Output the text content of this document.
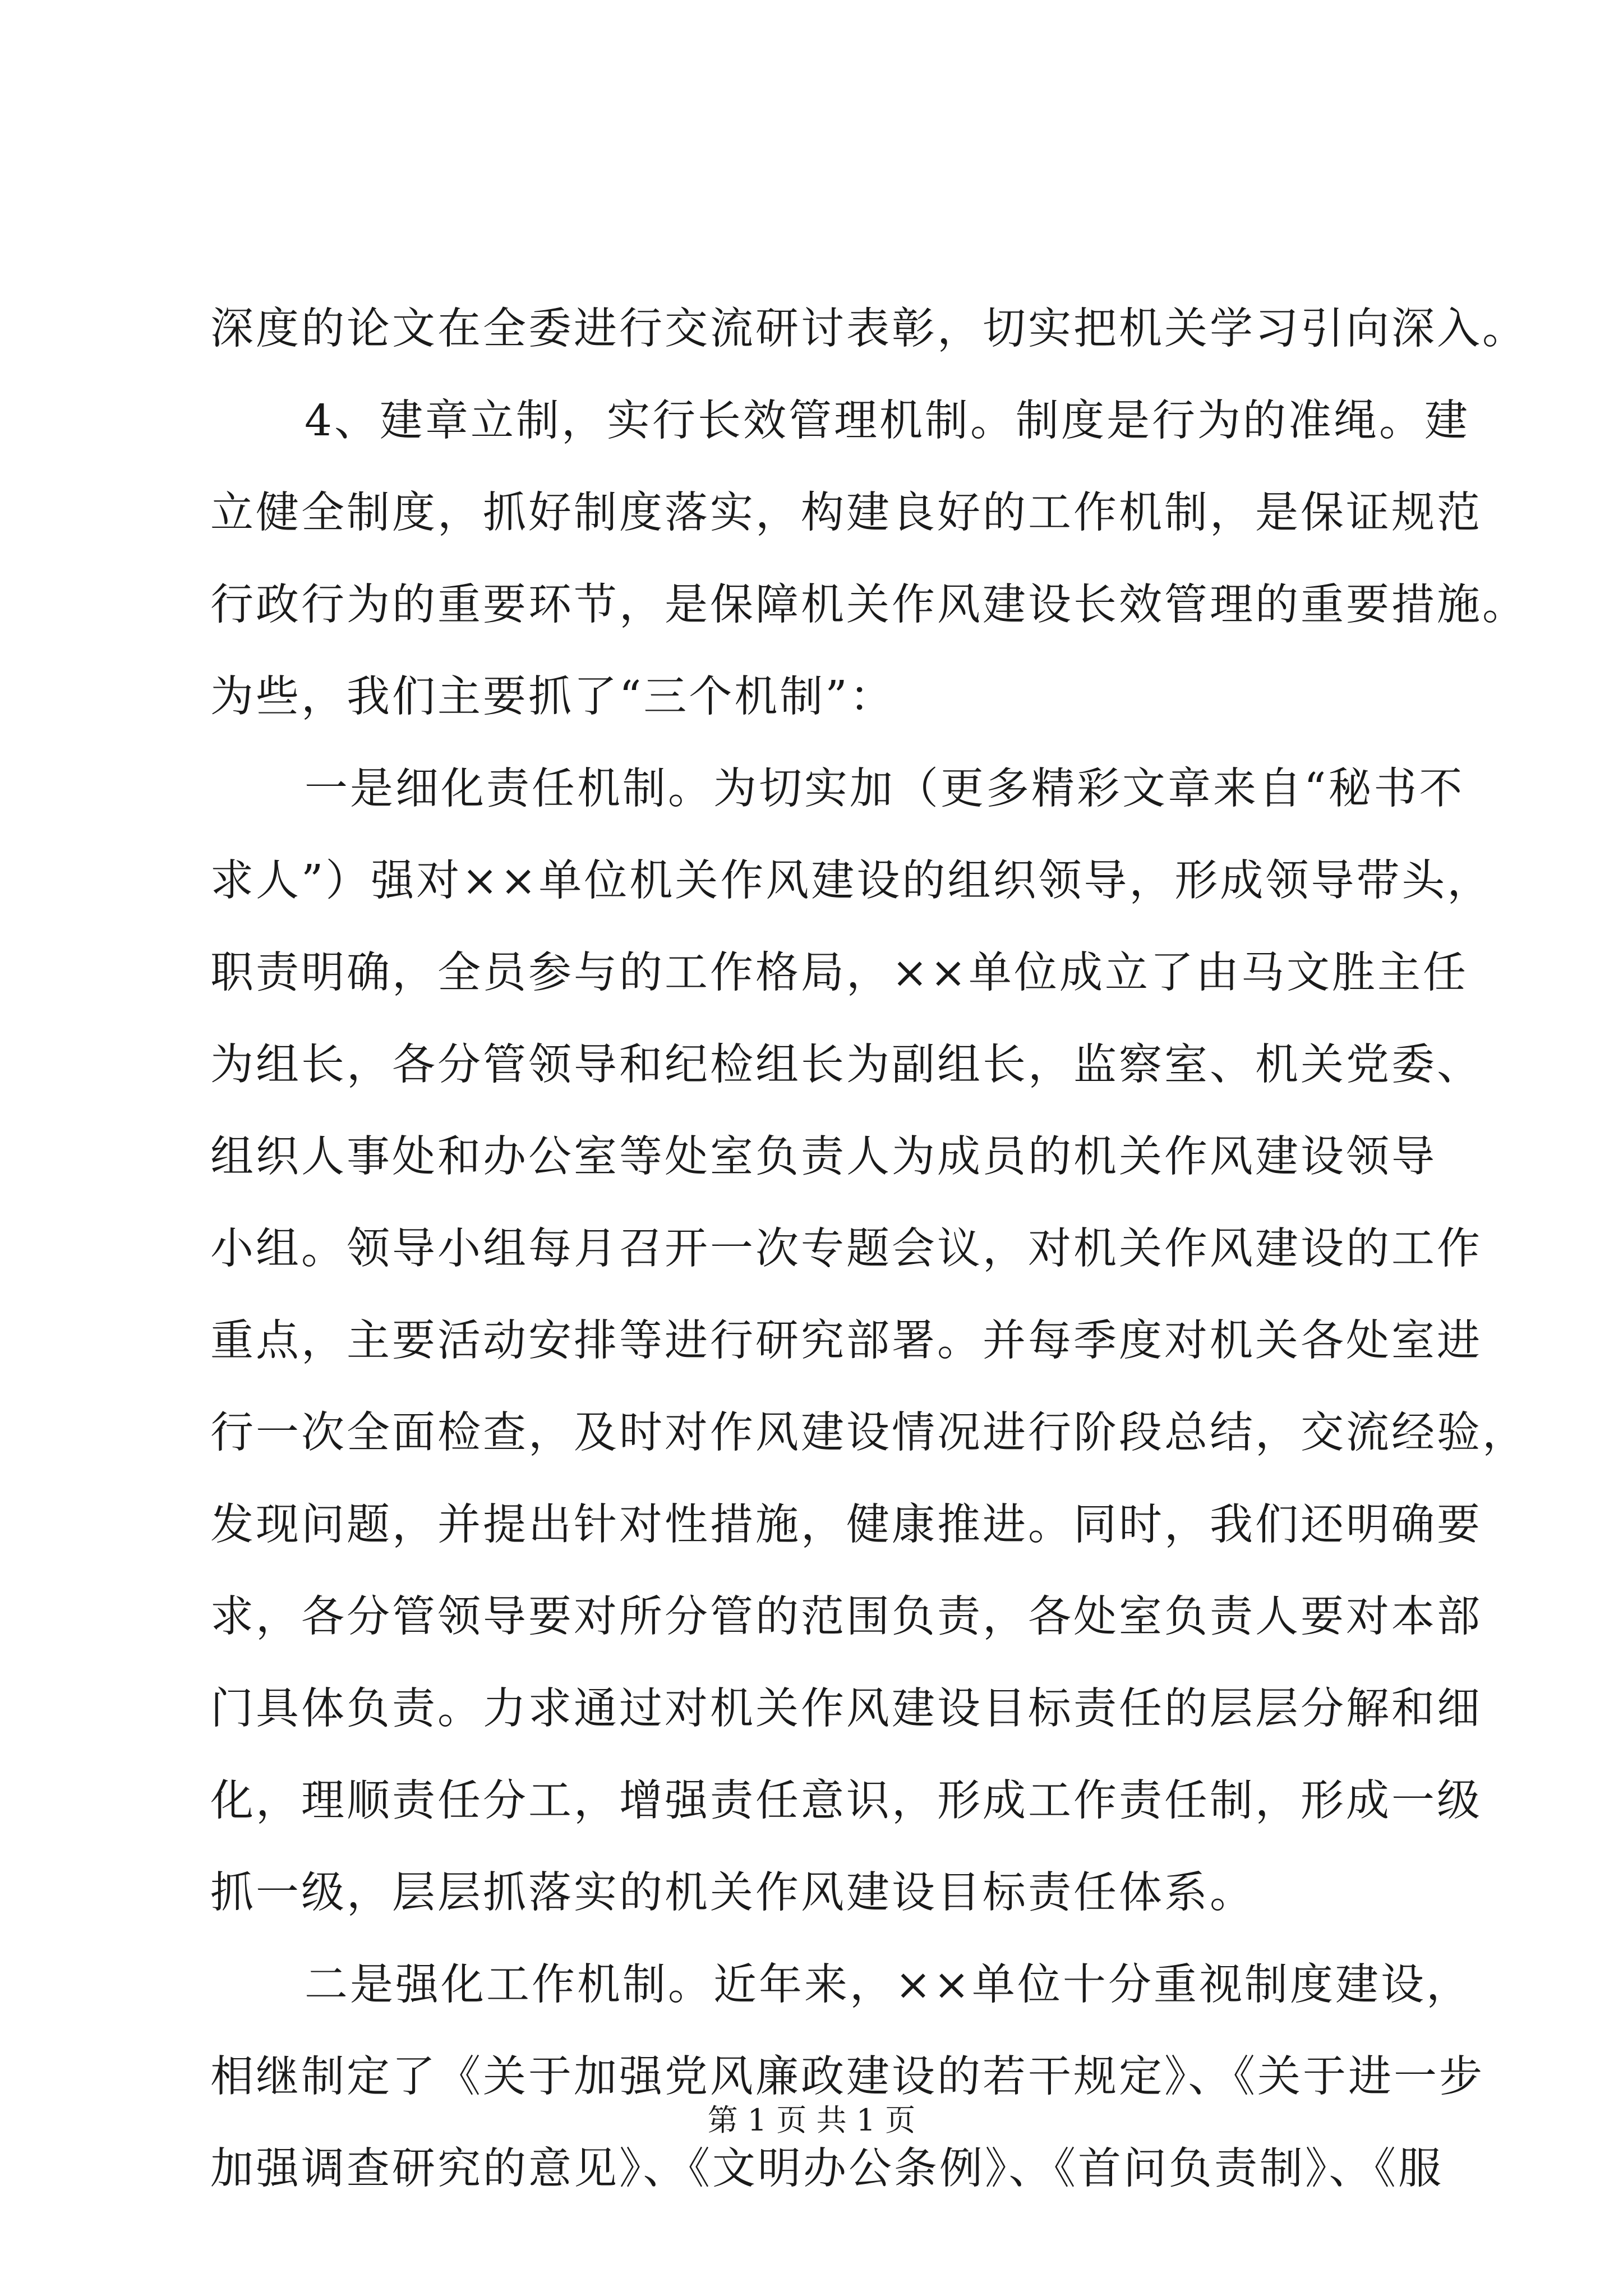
深度的论文在全委进行交流研讨表彰，切实把机关学习引向深入。
4、建章立制，实行长效管理机制。制度是行为的准绳。建
立健全制度，抓好制度落实，构建良好的工作机制，是保证规范
行政行为的重要环节，是保障机关作风建设长效管理的重要措施。
为些，我们主要抓了“三个机制”：
一是细化责任机制。为切实加（更多精彩文章来自“秘书不
求人”）强对××单位机关作风建设的组织领导，形成领导带头，
职责明确，全员参与的工作格局，××单位成立了由马文胜主任
为组长，各分管领导和纪检组长为副组长，监察室、机关党委、
组织人事处和办公室等处室负责人为成员的机关作风建设领导
小组。领导小组每月召开一次专题会议，对机关作风建设的工作
重点，主要活动安排等进行研究部署。并每季度对机关各处室进
行一次全面检查，及时对作风建设情况进行阶段总结，交流经验，
发现问题，并提出针对性措施，健康推进。同时，我们还明确要
求，各分管领导要对所分管的范围负责，各处室负责人要对本部
门具体负责。力求通过对机关作风建设目标责任的层层分解和细
化，理顺责任分工，增强责任意识，形成工作责任制，形成一级
抓一级，层层抓落实的机关作风建设目标责任体系。
二是强化工作机制。近年来，××单位十分重视制度建设，
相继制定了《关于加强党风廉政建设的若干规定》、《关于进一步
加强调查研究的意见》、《文明办公条例》、《首问负责制》、《服
第 1 页 共 1 页
